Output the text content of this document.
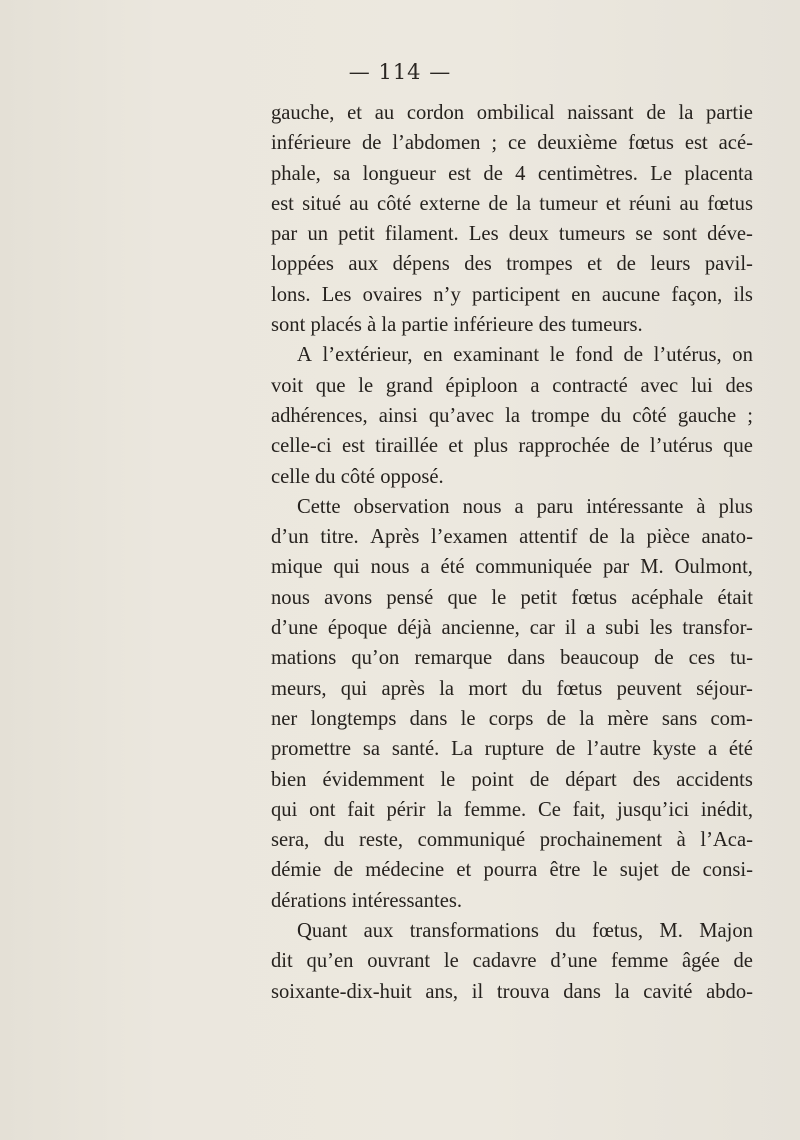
— 114 —
gauche, et au cordon ombilical naissant de la partie
inférieure de l’abdomen ; ce deuxième fœtus est acé-
phale, sa longueur est de 4 centimètres. Le placenta
est situé au côté externe de la tumeur et réuni au fœtus
par un petit filament. Les deux tumeurs se sont déve-
loppées aux dépens des trompes et de leurs pavil-
lons. Les ovaires n’y participent en aucune façon, ils
sont placés à la partie inférieure des tumeurs.
A l’extérieur, en examinant le fond de l’utérus, on
voit que le grand épiploon a contracté avec lui des
adhérences, ainsi qu’avec la trompe du côté gauche ;
celle-ci est tiraillée et plus rapprochée de l’utérus que
celle du côté opposé.
Cette observation nous a paru intéressante à plus
d’un titre. Après l’examen attentif de la pièce anato-
mique qui nous a été communiquée par M. Oulmont,
nous avons pensé que le petit fœtus acéphale était
d’une époque déjà ancienne, car il a subi les transfor-
mations qu’on remarque dans beaucoup de ces tu-
meurs, qui après la mort du fœtus peuvent séjour-
ner longtemps dans le corps de la mère sans com-
promettre sa santé. La rupture de l’autre kyste a été
bien évidemment le point de départ des accidents
qui ont fait périr la femme. Ce fait, jusqu’ici inédit,
sera, du reste, communiqué prochainement à l’Aca-
démie de médecine et pourra être le sujet de consi-
dérations intéressantes.
Quant aux transformations du fœtus, M. Majon
dit qu’en ouvrant le cadavre d’une femme âgée de
soixante-dix-huit ans, il trouva dans la cavité abdo-
